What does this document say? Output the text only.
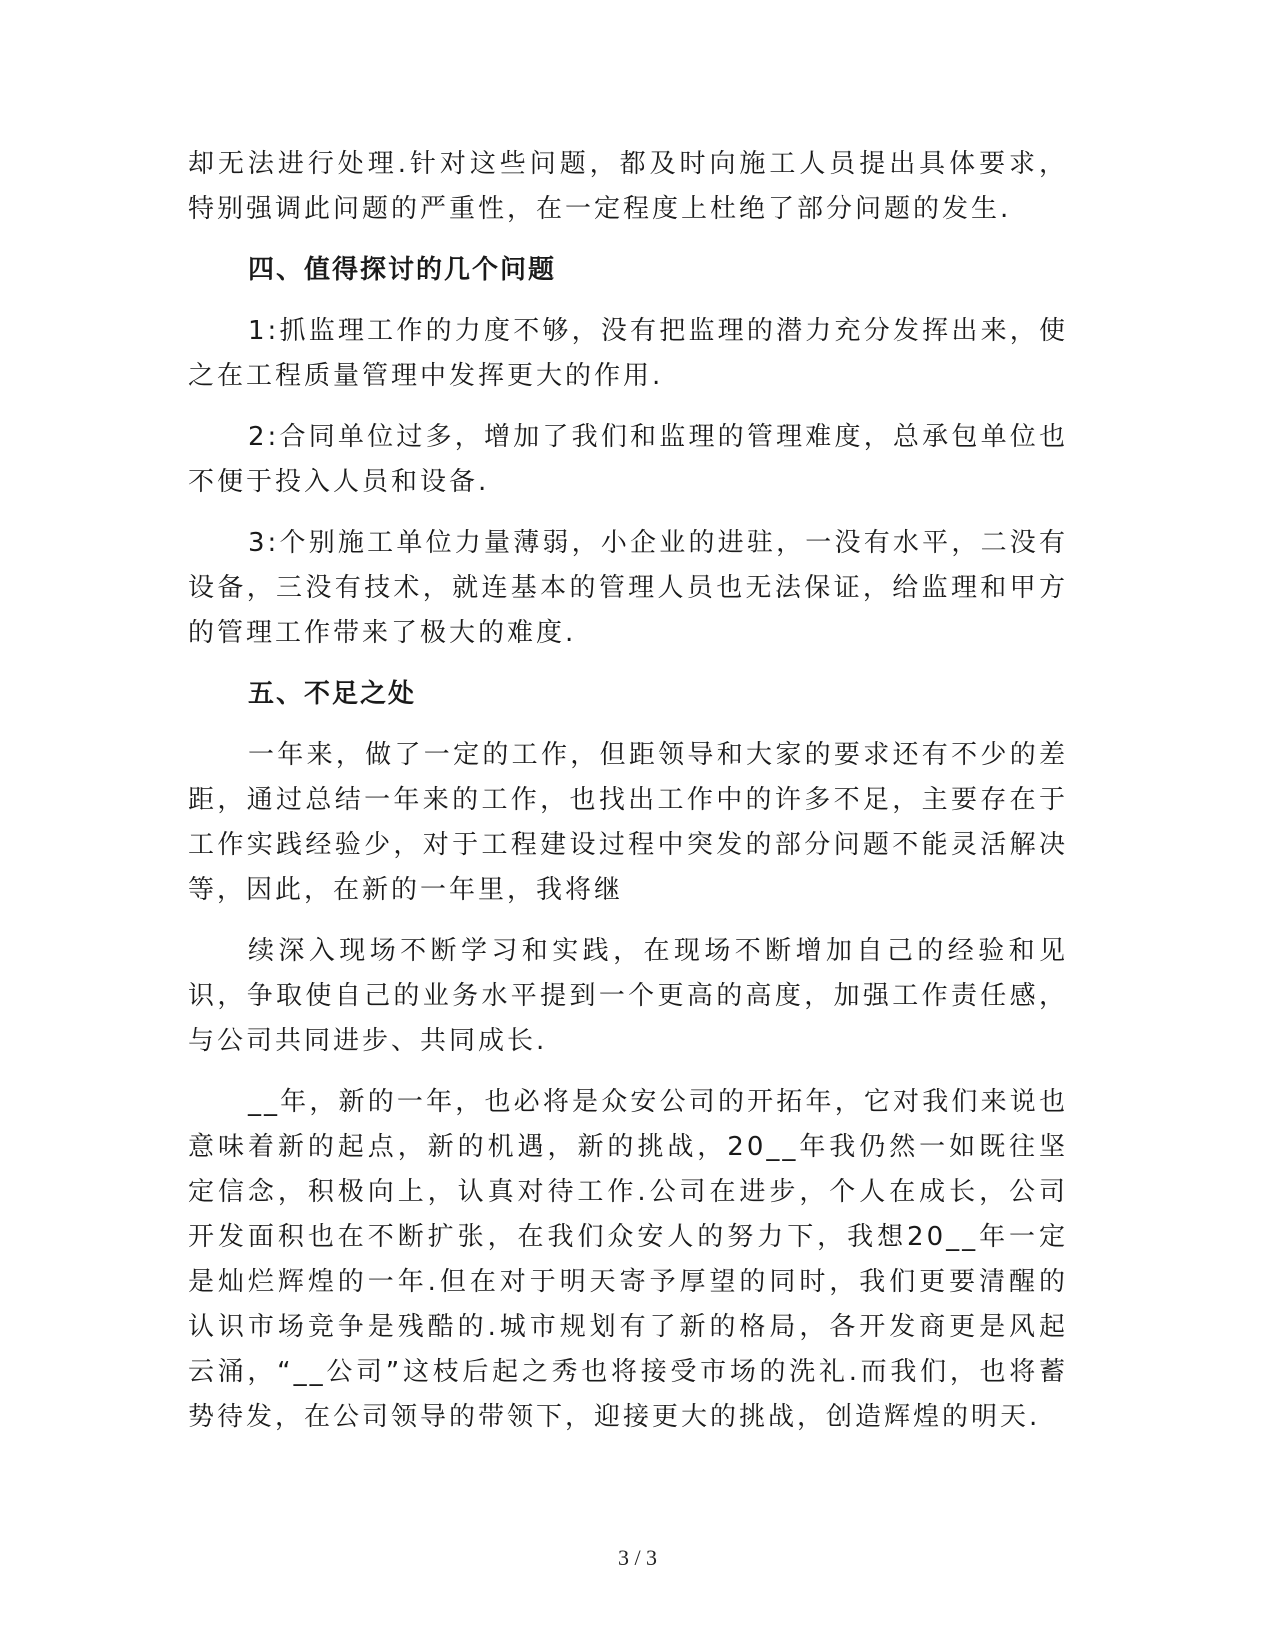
却无法进行处理.针对这些问题，都及时向施工人员提出具体要求，特别强调此问题的严重性，在一定程度上杜绝了部分问题的发生.

四、值得探讨的几个问题

1:抓监理工作的力度不够，没有把监理的潜力充分发挥出来，使之在工程质量管理中发挥更大的作用.

2:合同单位过多，增加了我们和监理的管理难度，总承包单位也不便于投入人员和设备.

3:个别施工单位力量薄弱，小企业的进驻，一没有水平，二没有设备，三没有技术，就连基本的管理人员也无法保证，给监理和甲方的管理工作带来了极大的难度.

五、不足之处

一年来，做了一定的工作，但距领导和大家的要求还有不少的差距，通过总结一年来的工作，也找出工作中的许多不足，主要存在于工作实践经验少，对于工程建设过程中突发的部分问题不能灵活解决等，因此，在新的一年里，我将继

续深入现场不断学习和实践，在现场不断增加自己的经验和见识，争取使自己的业务水平提到一个更高的高度，加强工作责任感，与公司共同进步、共同成长.

__年，新的一年，也必将是众安公司的开拓年，它对我们来说也意味着新的起点，新的机遇，新的挑战，20__年我仍然一如既往坚定信念，积极向上，认真对待工作.公司在进步，个人在成长，公司开发面积也在不断扩张，在我们众安人的努力下，我想20__年一定是灿烂辉煌的一年.但在对于明天寄予厚望的同时，我们更要清醒的认识市场竞争是残酷的.城市规划有了新的格局，各开发商更是风起云涌，“__公司”这枝后起之秀也将接受市场的洗礼.而我们，也将蓄势待发，在公司领导的带领下，迎接更大的挑战，创造辉煌的明天.

3 / 3
